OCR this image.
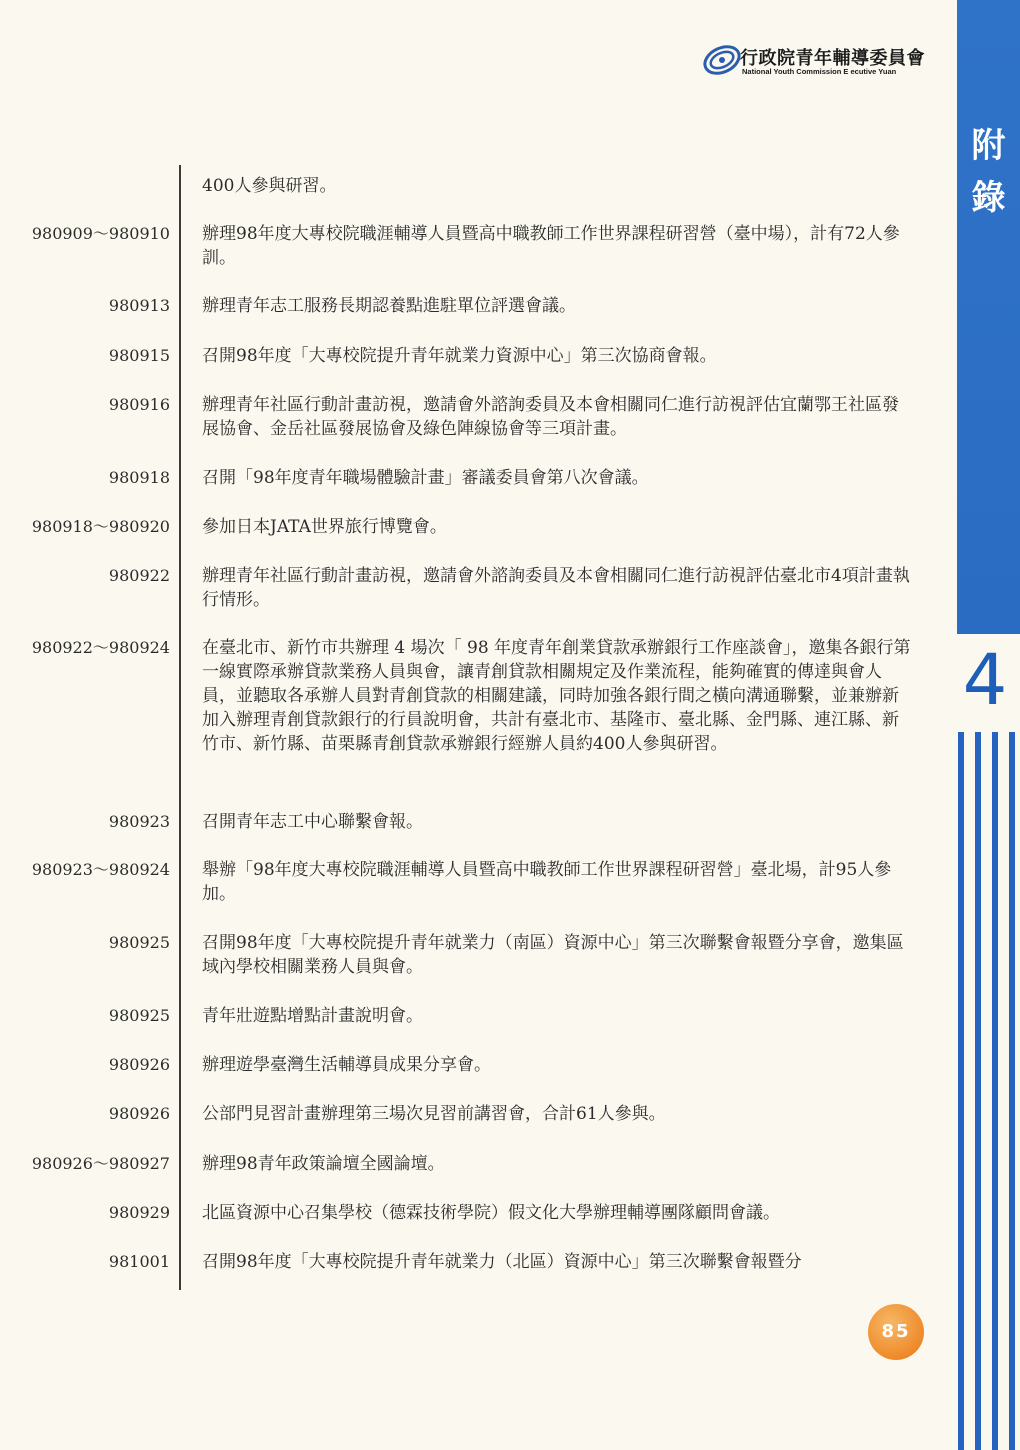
行政院青年輔導委員會
National Youth Commission E ecutive Yuan
附錄
4
400人參與研習。
980909～980910 辦理98年度大專校院職涯輔導人員暨高中職教師工作世界課程研習營（臺中場），計有72人參訓。
980913 辦理青年志工服務長期認養點進駐單位評選會議。
980915 召開98年度「大專校院提升青年就業力資源中心」第三次協商會報。
980916 辦理青年社區行動計畫訪視，邀請會外諮詢委員及本會相關同仁進行訪視評估宜蘭鄂王社區發展協會、金岳社區發展協會及綠色陣線協會等三項計畫。
980918 召開「98年度青年職場體驗計畫」審議委員會第八次會議。
980918～980920 參加日本JATA世界旅行博覽會。
980922 辦理青年社區行動計畫訪視，邀請會外諮詢委員及本會相關同仁進行訪視評估臺北市4項計畫執行情形。
980922～980924 在臺北市、新竹市共辦理 4 場次「 98 年度青年創業貸款承辦銀行工作座談會」，邀集各銀行第一線實際承辦貸款業務人員與會，讓青創貸款相關規定及作業流程，能夠確實的傳達與會人員，並聽取各承辦人員對青創貸款的相關建議，同時加強各銀行間之橫向溝通聯繫，並兼辦新加入辦理青創貸款銀行的行員說明會，共計有臺北市、基隆市、臺北縣、金門縣、連江縣、新竹市、新竹縣、苗栗縣青創貸款承辦銀行經辦人員約400人參與研習。
980923 召開青年志工中心聯繫會報。
980923～980924 舉辦「98年度大專校院職涯輔導人員暨高中職教師工作世界課程研習營」臺北場，計95人參加。
980925 召開98年度「大專校院提升青年就業力（南區）資源中心」第三次聯繫會報暨分享會，邀集區域內學校相關業務人員與會。
980925 青年壯遊點增點計畫說明會。
980926 辦理遊學臺灣生活輔導員成果分享會。
980926 公部門見習計畫辦理第三場次見習前講習會，合計61人參與。
980926～980927 辦理98青年政策論壇全國論壇。
980929 北區資源中心召集學校（德霖技術學院）假文化大學辦理輔導團隊顧問會議。
981001 召開98年度「大專校院提升青年就業力（北區）資源中心」第三次聯繫會報暨分
85
